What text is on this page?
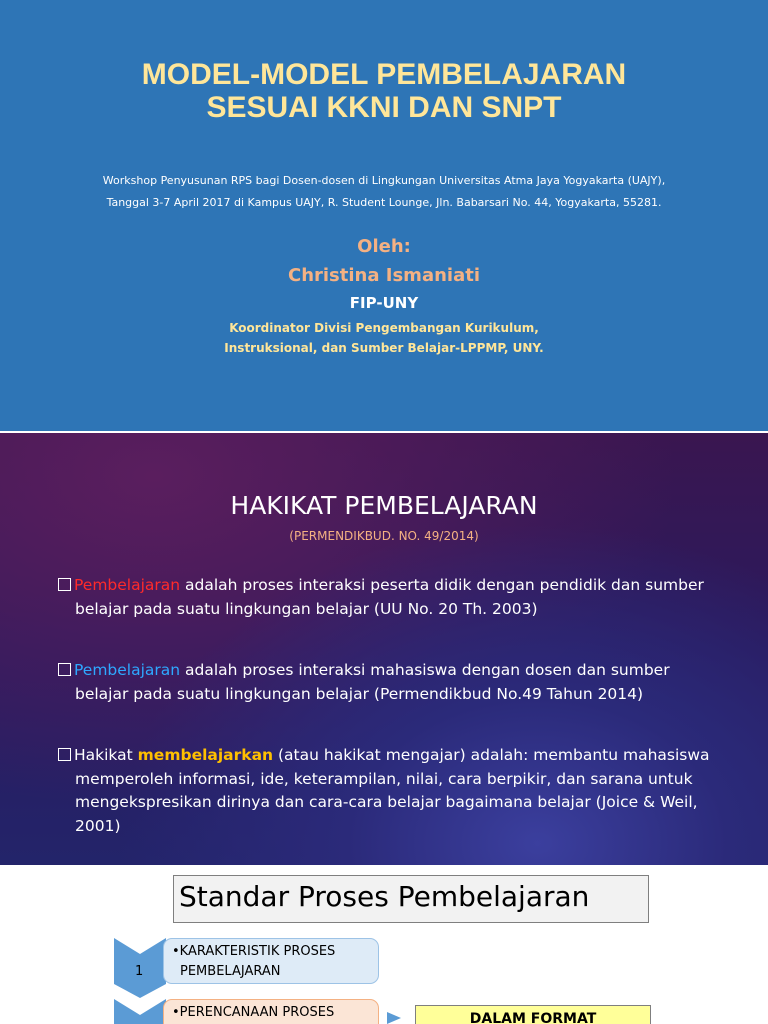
MODEL-MODEL PEMBELAJARAN
SESUAI KKNI DAN SNPT
Workshop Penyusunan RPS bagi Dosen-dosen di Lingkungan Universitas Atma Jaya Yogyakarta (UAJY),
Tanggal 3-7 April 2017 di Kampus UAJY, R. Student Lounge, Jln. Babarsari No. 44, Yogyakarta, 55281.
Oleh:
Christina Ismaniati
FIP-UNY
Koordinator Divisi Pengembangan Kurikulum,
Instruksional, dan Sumber Belajar-LPPMP, UNY.
HAKIKAT PEMBELAJARAN
(PERMENDIKBUD. NO. 49/2014)
Pembelajaran adalah proses interaksi peserta didik dengan pendidik dan sumber belajar pada suatu lingkungan belajar (UU No. 20 Th. 2003)
Pembelajaran adalah proses interaksi mahasiswa dengan dosen dan sumber belajar pada suatu lingkungan belajar (Permendikbud No.49 Tahun 2014)
Hakikat membelajarkan (atau hakikat mengajar) adalah: membantu mahasiswa memperoleh informasi, ide, keterampilan, nilai, cara berpikir, dan sarana untuk mengekspresikan dirinya dan cara-cara belajar bagaimana belajar (Joice & Weil, 2001)
Standar Proses Pembelajaran
1
•KARAKTERISTIK PROSES
PEMBELAJARAN
•PERENCANAAN PROSES	DALAM FORMAT
